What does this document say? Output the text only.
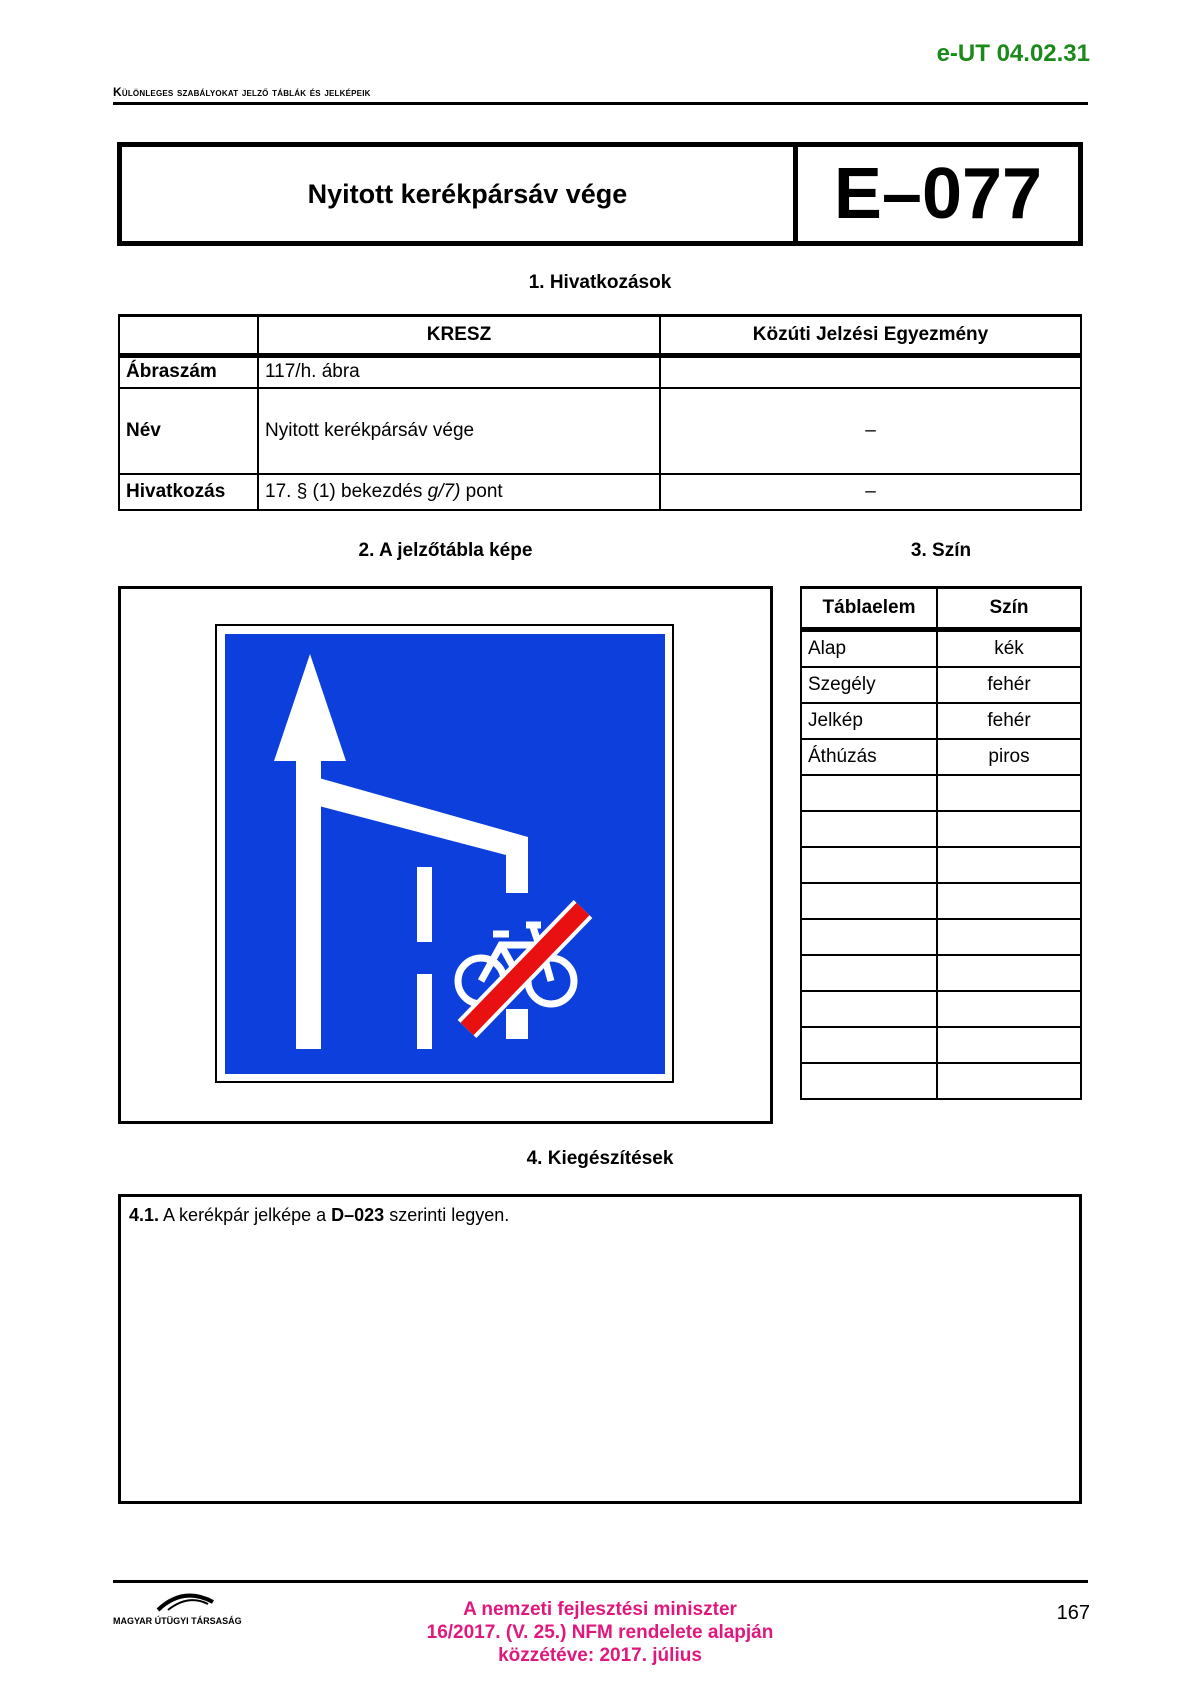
e-UT 04.02.31
Különleges szabályokat jelző táblák és jelképeik
Nyitott kerékpársáv vége	E–077
1. Hivatkozások
	KRESZ	Közúti Jelzési Egyezmény
Ábraszám	117/h. ábra	
Név	Nyitott kerékpársáv vége	–
Hivatkozás	17. § (1) bekezdés g/7) pont	–
2. A jelzőtábla képe	3. Szín
Táblaelem	Szín
Alap	kék
Szegély	fehér
Jelkép	fehér
Áthúzás	piros

4. Kiegészítések
4.1. A kerékpár jelképe a D–023 szerinti legyen.
MAGYAR ÚTÜGYI TÁRSASÁG
A nemzeti fejlesztési miniszter
16/2017. (V. 25.) NFM rendelete alapján
közzétéve: 2017. július
167
